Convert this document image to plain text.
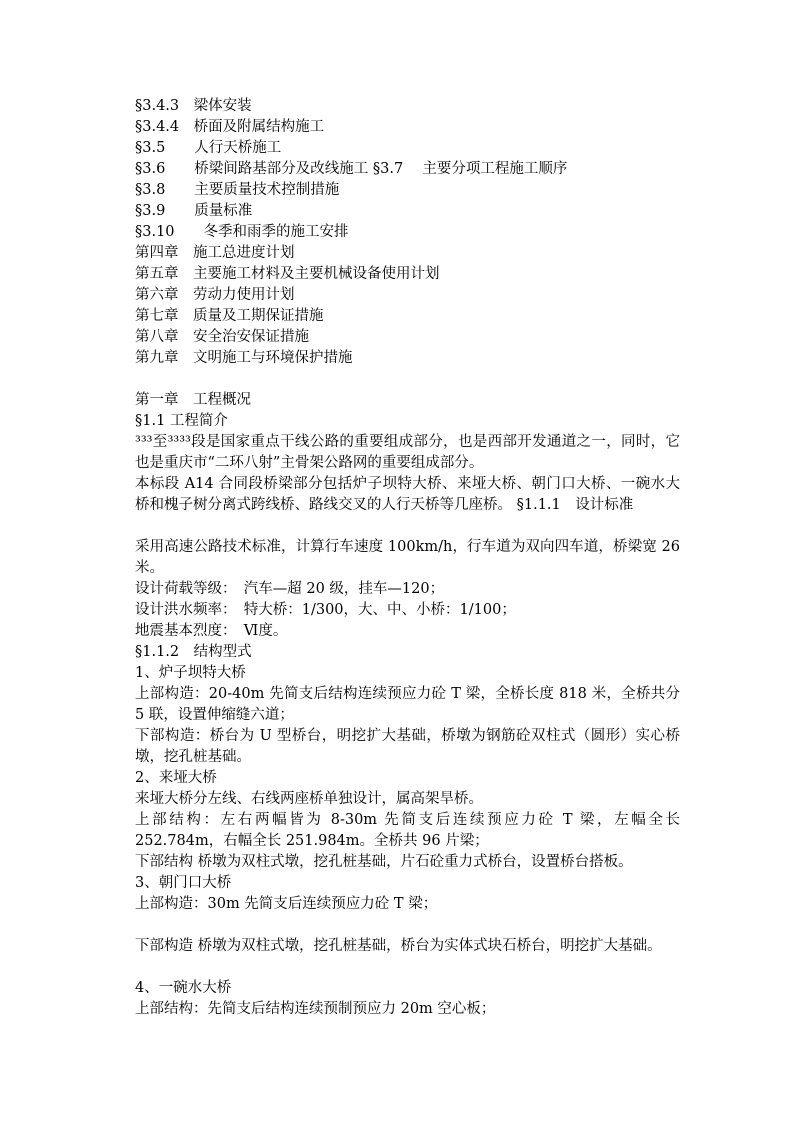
§3.4.3　梁体安装
§3.4.4　桥面及附属结构施工
§3.5　　人行天桥施工
§3.6　　桥梁间路基部分及改线施工 §3.7 　主要分项工程施工顺序
§3.8　　主要质量技术控制措施
§3.9　　质量标准
§3.10　　冬季和雨季的施工安排
第四章　施工总进度计划
第五章　主要施工材料及主要机械设备使用计划
第六章　劳动力使用计划
第七章　质量及工期保证措施
第八章　安全治安保证措施
第九章　文明施工与环境保护措施
第一章　工程概况
§1.1 工程简介
³³³至³³³³段是国家重点干线公路的重要组成部分，也是西部开发通道之一，同时，它也是重庆市“二环八射”主骨架公路网的重要组成部分。
本标段 A14 合同段桥梁部分包括炉子坝特大桥、来垭大桥、朝门口大桥、一碗水大桥和槐子树分离式跨线桥、路线交叉的人行天桥等几座桥。 §1.1.1　设计标准
采用高速公路技术标准，计算行车速度 100km/h，行车道为双向四车道，桥梁宽 26 米。
设计荷载等级：　汽车—超 20 级，挂车—120；
设计洪水频率：　特大桥：1/300，大、中、小桥：1/100；
地震基本烈度：　Ⅵ度。
§1.1.2　结构型式
1、炉子坝特大桥
上部构造：20-40m 先简支后结构连续预应力砼 T 梁，全桥长度 818 米，全桥共分 5 联，设置伸缩缝六道；
下部构造：桥台为 U 型桥台，明挖扩大基础，桥墩为钢筋砼双柱式（圆形）实心桥墩，挖孔桩基础。
2、来垭大桥
来垭大桥分左线、右线两座桥单独设计，属高架旱桥。
上部结构：左右两幅皆为 8-30m 先简支后连续预应力砼 T 梁，左幅全长 252.784m，右幅全长 251.984m。全桥共 96 片梁；
下部结构 桥墩为双柱式墩，挖孔桩基础，片石砼重力式桥台，设置桥台搭板。
3、朝门口大桥
上部构造：30m 先简支后连续预应力砼 T 梁；
下部构造 桥墩为双柱式墩，挖孔桩基础，桥台为实体式块石桥台，明挖扩大基础。
4、一碗水大桥
上部结构：先简支后结构连续预制预应力 20m 空心板；
